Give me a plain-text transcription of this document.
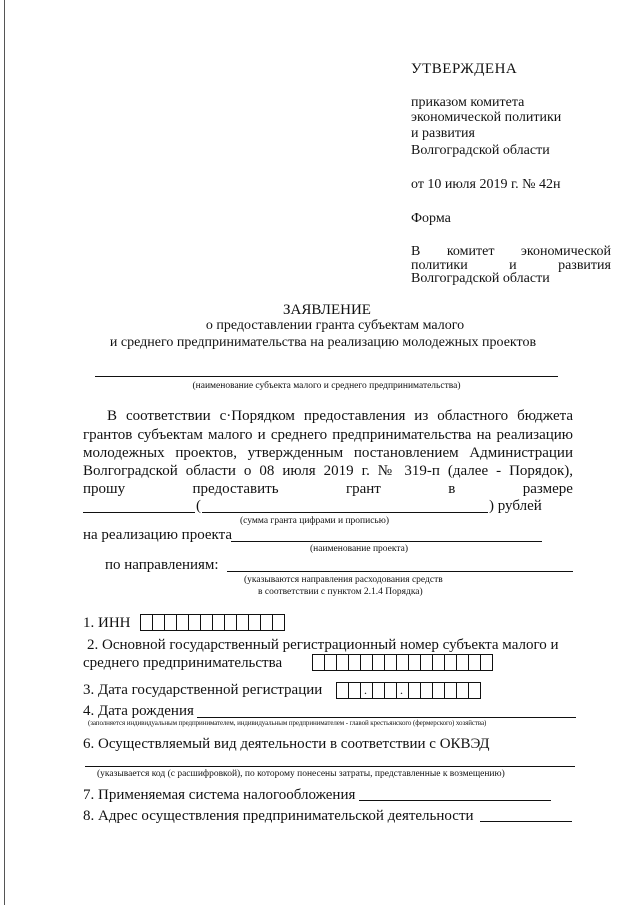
УТВЕРЖДЕНА
приказом комитета
экономической политики
и развития
Волгоградской области
от 10 июля 2019 г. № 42н
Форма
В комитет экономической
политики	и	развития
Волгоградской области
ЗАЯВЛЕНИЕ
о предоставлении гранта субъектам малого
и среднего предпринимательства на реализацию молодежных проектов
(наименование субъекта малого и среднего предпринимательства)
В соответствии с·Порядком предоставления из областного бюджета
грантов субъектам малого и среднего предпринимательства на реализацию
молодежных проектов, утвержденным постановлением Администрации
Волгоградской области о 08 июля 2019 г. № 319-п (далее - Порядок),
прошу	предоставить	грант	в	размере
(	) рублей
(сумма гранта цифрами и прописью)
на реализацию проекта
(наименование проекта)
по направлениям:
(указываются направления расходования средств
в соответствии с пунктом 2.1.4 Порядка)
1. ИНН
2. Основной государственный регистрационный номер субъекта малого и
среднего предпринимательства
3. Дата государственной регистрации	.	.
4. Дата рождения
(заполняется индивидуальным предпринимателем, индивидуальным предпринимателем - главой крестьянского (фермерского) хозяйства)
6. Осуществляемый вид деятельности в соответствии с ОКВЭД
(указывается код (с расшифровкой), по которому понесены затраты, представленные к возмещению)
7. Применяемая система налогообложения
8. Адрес осуществления предпринимательской деятельности
